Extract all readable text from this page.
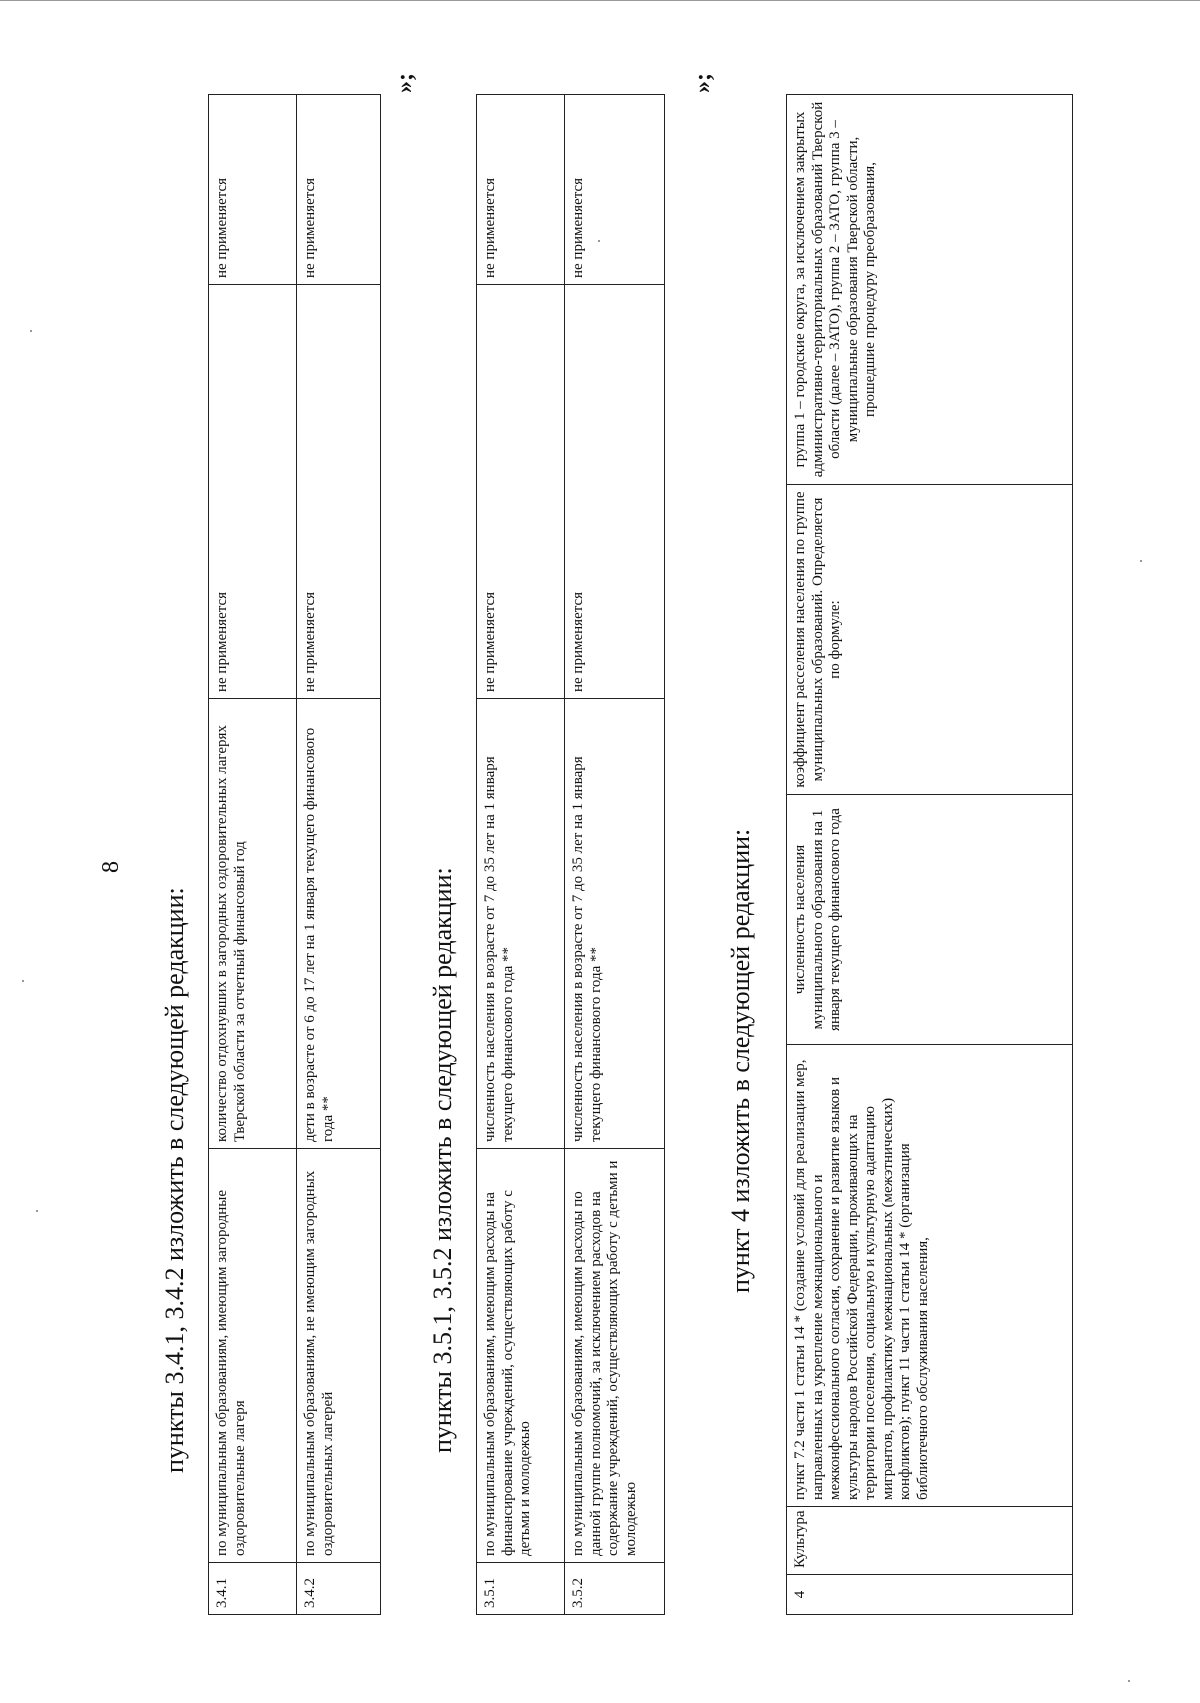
8
пункты 3.4.1, 3.4.2 изложить в следующей редакции:
3.4.1	по муниципальным образованиям, имеющим загородные оздоровительные лагеря	количество отдохнувших в загородных оздоровительных лагерях Тверской области за отчетный финансовый год	не применяется	не применяется
3.4.2	по муниципальным образованиям, не имеющим загородных оздоровительных лагерей	дети в возрасте от 6 до 17 лет на 1 января текущего финансового года **	не применяется	не применяется
»;
пункты 3.5.1, 3.5.2 изложить в следующей редакции:
3.5.1	по муниципальным образованиям, имеющим расходы на финансирование учреждений, осуществляющих работу с детьми и молодежью	численность населения в возрасте от 7 до 35 лет на 1 января текущего финансового года **	не применяется	не применяется
3.5.2	по муниципальным образованиям, имеющим расходы по данной группе полномочий, за исключением расходов на содержание учреждений, осуществляющих работу с детьми и молодежью	численность населения в возрасте от 7 до 35 лет на 1 января текущего финансового года **	не применяется	не применяется
»;
пункт 4 изложить в следующей редакции:
4	Культура	пункт 7.2 части 1 статьи 14 * (создание условий для реализации мер, направленных на укрепление межнационального и межконфессионального согласия, сохранение и развитие языков и культуры народов Российской Федерации, проживающих на территории поселения, социальную и культурную адаптацию мигрантов, профилактику межнациональных (межэтнических) конфликтов); пункт 11 части 1 статьи 14 * (организация библиотечного обслуживания населения,	численность населения муниципального образования на 1 января текущего финансового года	коэффициент расселения населения по группе муниципальных образований. Определяется по формуле:	группа 1 – городские округа, за исключением закрытых административно-территориальных образований Тверской области (далее – ЗАТО), группа 2 – ЗАТО, группа 3 – муниципальные образования Тверской области, прошедшие процедуру преобразования,
